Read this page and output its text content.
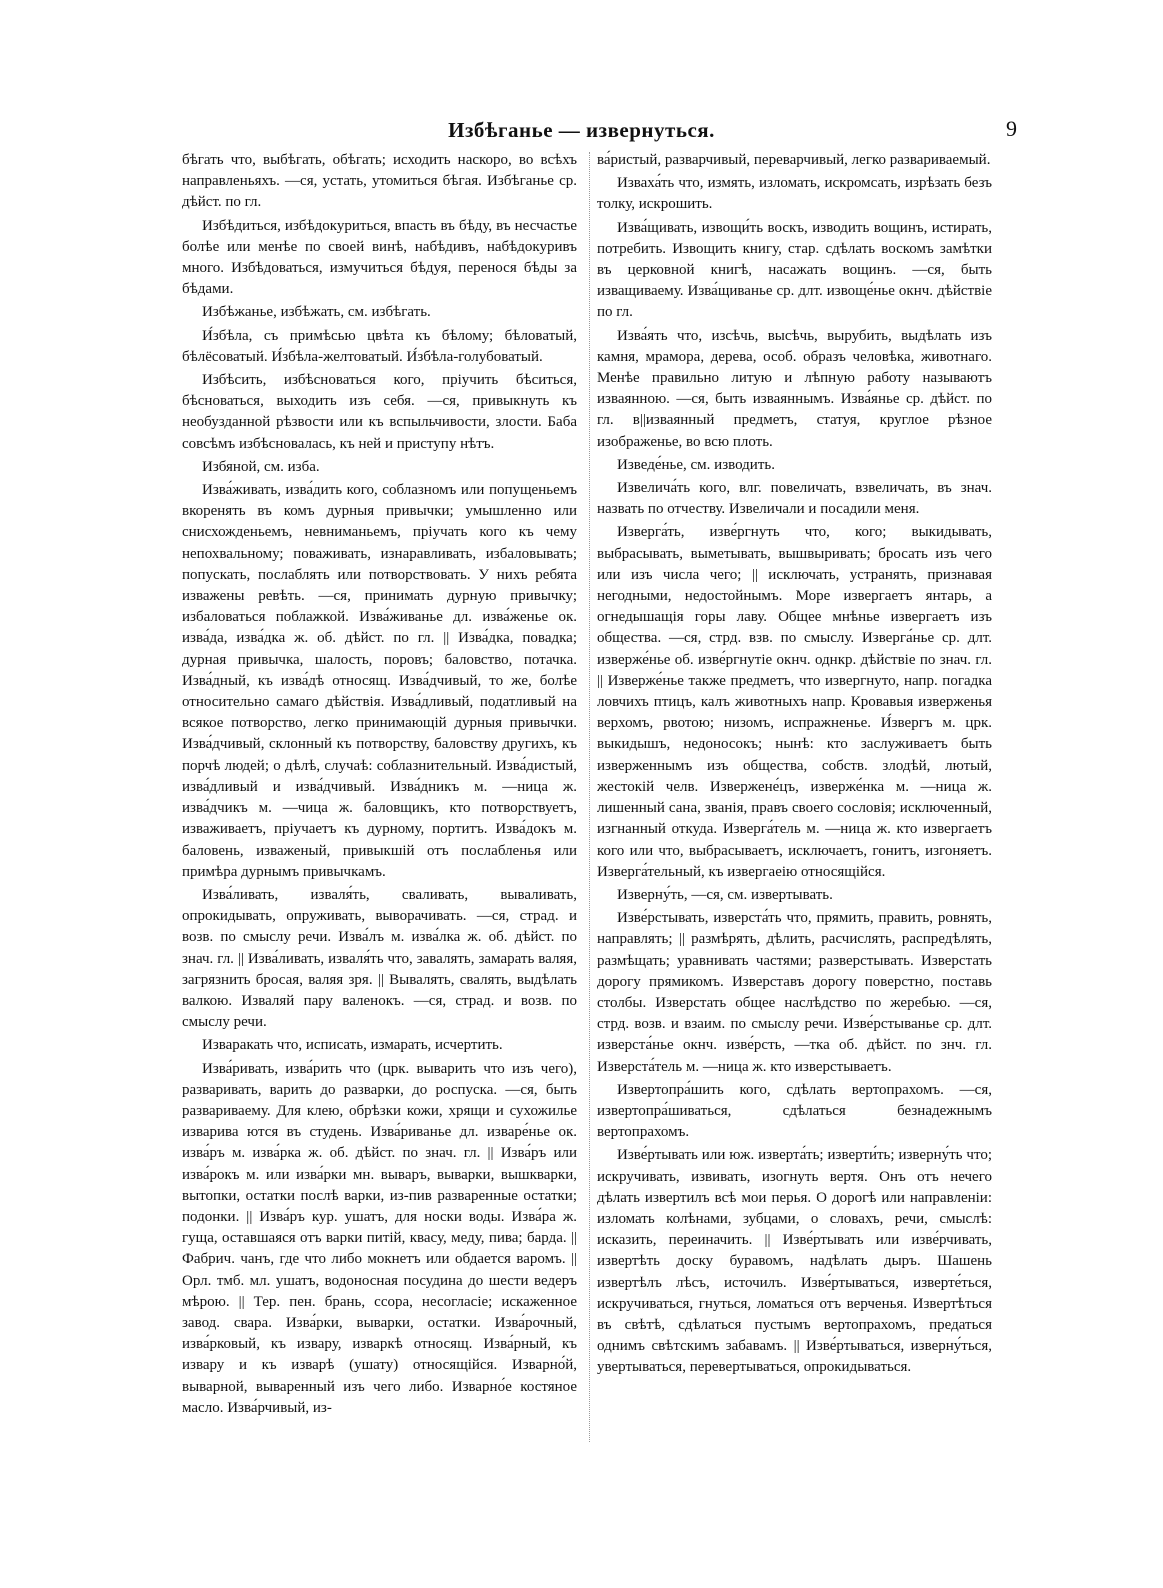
Избѣганье — извернуться.	9

бѣгать что, выбѣгать, обѣгать; исходить наскоро, во всѣхъ направленьяхъ. —ся, устать, утомиться бѣгая. Избѣганье ср. дѣйст. по гл.

Избѣдиться, избѣдокуриться, впасть въ бѣду, въ несчастье болѣе или менѣе по своей винѣ, набѣдивъ, набѣдокуривъ много. Избѣдоваться, измучиться бѣдуя, перенося бѣды за бѣдами.

Избѣжанье, избѣжать, см. избѣгать.

И́збѣла, съ примѣсью цвѣта къ бѣлому; бѣловатый, бѣлёсоватый. И́збѣла-желтоватый. И́збѣла-голубоватый.

Избѣсить, избѣсноваться кого, пріучить бѣситься, бѣсноваться, выходить изъ себя. —ся, привыкнуть къ необузданной рѣзвости или къ вспыльчивости, злости. Баба совсѣмъ избѣсновалась, къ ней и приступу нѣтъ.

Избяной, см. изба.

Изва́живать, изва́дить кого, соблазномъ или попущеньемъ вкоренять въ комъ дурныя привычки; умышленно или снисхожденьемъ, невниманьемъ, пріучать кого къ чему непохвальному; поваживать, изнаравливать, избаловывать; попускать, послаблять или потворствовать. У нихъ ребята изважены ревѣть. —ся, принимать дурную привычку; избаловаться поблажкой. Изва́живанье дл. изва́женье ок. изва́да, изва́дка ж. об. дѣйст. по гл. || Изва́дка, повадка; дурная привычка, шалость, поровъ; баловство, потачка. Изва́дный, къ изва́дѣ относящ. Изва́дчивый, то же, болѣе относительно самаго дѣйствія. Изва́дливый, податливый на всякое потворство, легко принимающій дурныя привычки. Изва́дчивый, склонный къ потворству, баловству другихъ, къ порчѣ людей; о дѣлѣ, случаѣ: соблазнительный. Изва́дистый, изва́дливый и изва́дчивый. Изва́дникъ м. —ница ж. изва́дчикъ м. —чица ж. баловщикъ, кто потворствуетъ, изваживаетъ, пріучаетъ къ дурному, портитъ. Изва́докъ м. баловень, изваженый, привыкшій отъ послабленья или примѣра дурнымъ привычкамъ.

Изва́ливать, изваля́ть, сваливать, вываливать, опрокидывать, опруживать, выворачивать. —ся, страд. и возв. по смыслу речи. Изва́лъ м. изва́лка ж. об. дѣйст. по знач. гл. || Изва́ливать, изваля́ть что, завалять, замарать валяя, загрязнить бросая, валяя зря. || Вывалять, свалять, выдѣлать валкою. Изваляй пару валенокъ. —ся, страд. и возв. по смыслу речи.

Изваракать что, исписать, измарать, исчертить.

Изва́ривать, изва́рить что (црк. выварить что изъ чего), разваривать, варить до разварки, до роспуска. —ся, быть развариваему. Для клею, обрѣзки кожи, хрящи и сухожилье изварива ются въ студень. Изва́риванье дл. изваре́нье ок. изва́ръ м. изва́рка ж. об. дѣйст. по знач. гл. || Изва́ръ или изва́рокъ м. или изва́рки мн. вываръ, выварки, вышкварки, вытопки, остатки послѣ варки, из-пив разваренные остатки; подонки. || Изва́ръ кур. ушатъ, для носки воды. Изва́ра ж. гуща, оставшаяся отъ варки питій, квасу, меду, пива; барда. || Фабрич. чанъ, где что либо мокнетъ или обдается варомъ. || Орл. тмб. мл. ушатъ, водоносная посудина до шести ведеръ мѣрою. || Тер. пен. брань, ссора, несогласіе; искаженное завод. свара. Изва́рки, выварки, остатки. Изва́рочный, изва́рковый, къ извару, изваркѣ относящ. Изва́рный, къ извару и къ изварѣ (ушату) относящійся. Изварно́й, выварной, вываренный изъ чего либо. Изварно́е костяное масло. Изва́рчивый, из-

ва́ристый, разварчивый, переварчивый, легко развариваемый.

Изваха́ть что, измять, изломать, искромсать, изрѣзать безъ толку, искрошить.

Изва́щивать, извощи́ть воскъ, изводить вощинъ, истирать, потребить. Извощить книгу, стар. сдѣлать воскомъ замѣтки въ церковной книгѣ, насажать вощинъ. —ся, быть изващиваему. Изва́щиванье ср. длт. извоще́нье окнч. дѣйствіе по гл.

Изва́ять что, изсѣчь, высѣчь, вырубить, выдѣлать изъ камня, мрамора, дерева, особ. образъ человѣка, животнаго. Менѣе правильно литую и лѣпную работу называютъ изваянною. —ся, быть изваяннымъ. Изва́янье ср. дѣйст. по гл. в||изваянный предметъ, статуя, круглое рѣзное изображенье, во всю плоть.

Изведе́нье, см. изводить.

Извелича́ть кого, влг. повеличать, взвеличать, въ знач. назвать по отчеству. Извеличали и посадили меня.

Изверга́ть, изве́ргнуть что, кого; выкидывать, выбрасывать, выметывать, вышвыривать; бросать изъ чего или изъ числа чего; || исключать, устранять, признавая негодными, недостойнымъ. Море извергаетъ янтарь, а огнедышащія горы лаву. Общее мнѣнье извергаетъ изъ общества. —ся, стрд. взв. по смыслу. Изверга́нье ср. длт. изверже́нье об. изве́ргнутіе окнч. однкр. дѣйствіе по знач. гл. || Изверже́нье также предметъ, что извергнуто, напр. погадка ловчихъ птицъ, калъ животныхъ напр. Кровавыя изверженья верхомъ, рвотою; низомъ, испражненье. И́звергъ м. црк. выкидышъ, недоносокъ; нынѣ: кто заслуживаетъ быть изверженнымъ изъ общества, собств. злодѣй, лютый, жестокій челв. Извержене́цъ, изверже́нка м. —ница ж. лишенный сана, званія, правъ своего сословія; исключенный, изгнанный откуда. Изверга́тель м. —ница ж. кто извергаетъ кого или что, выбрасываетъ, исключаетъ, гонитъ, изгоняетъ. Изверга́тельный, къ извергаеію относящійся.

Изверну́ть, —ся, см. извертывать.

Изве́рстывать, изверста́ть что, прямить, править, ровнять, направлять; || размѣрять, дѣлить, расчислять, распредѣлять, размѣщать; уравнивать частями; разверстывать. Изверстать дорогу прямикомъ. Изверставъ дорогу поверстно, поставь столбы. Изверстать общее наслѣдство по жеребью. —ся, стрд. возв. и взаим. по смыслу речи. Изве́рстыванье ср. длт. изверста́нье окнч. изве́рсть, —тка об. дѣйст. по знч. гл. Изверста́тель м. —ница ж. кто изверстываетъ.

Извертопра́шить кого, сдѣлать вертопрахомъ. —ся, извертопра́шиваться, сдѣлаться безнадежнымъ вертопрахомъ.

Изве́ртывать или юж. изверта́ть; изверти́ть; изверну́ть что; искручивать, извивать, изогнуть вертя. Онъ отъ нечего дѣлать извертилъ всѣ мои перья. О дорогѣ или направленіи: изломать колѣнами, зубцами, о словахъ, речи, смыслѣ: исказить, переиначить. || Изве́ртывать или изве́рчивать, извертѣть доску буравомъ, надѣлать дыръ. Шашень извертѣлъ лѣсъ, источилъ. Изве́ртываться, изверте́ться, искручиваться, гнуться, ломаться отъ верченья. Извертѣться въ свѣтѣ, сдѣлаться пустымъ вертопрахомъ, предаться однимъ свѣтскимъ забавамъ. || Изве́ртываться, изверну́ться, увертываться, перевертываться, опрокидываться.
